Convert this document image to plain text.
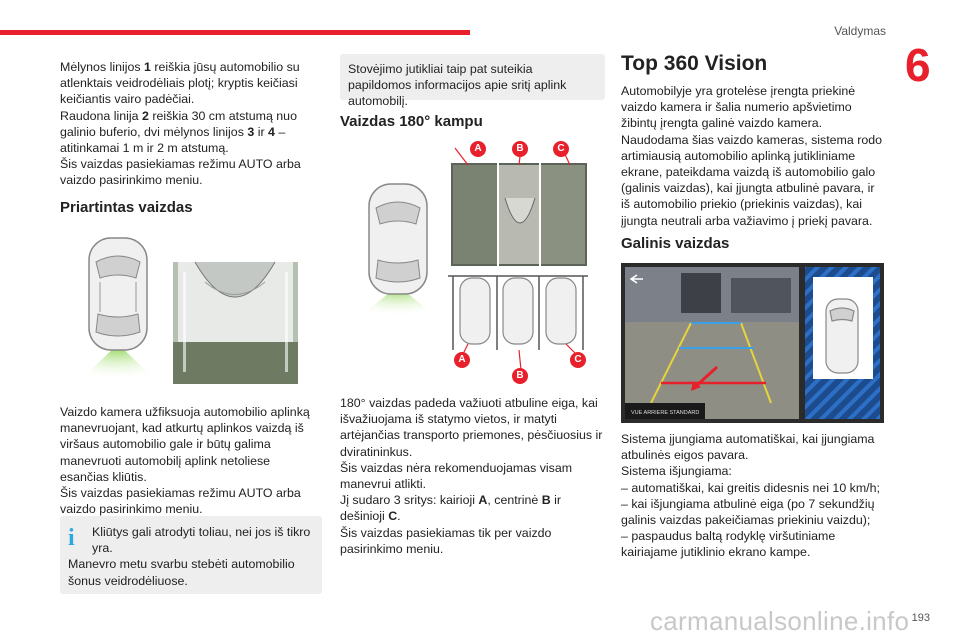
Valdymas
6

Mėlynos linijos 1 reiškia jūsų automobilio su atlenktais veidrodėliais plotį; kryptis keičiasi keičiantis vairo padėčiai.
Raudona linija 2 reiškia 30 cm atstumą nuo galinio buferio, dvi mėlynos linijos 3 ir 4 – atitinkamai 1 m ir 2 m atstumą.
Šis vaizdas pasiekiamas režimu AUTO arba vaizdo pasirinkimo meniu.

Priartintas vaizdas

Vaizdo kamera užfiksuoja automobilio aplinką manevruojant, kad atkurtų aplinkos vaizdą iš viršaus automobilio gale ir būtų galima manevruoti automobilį aplink netoliese esančias kliūtis.

Šis vaizdas pasiekiamas režimu AUTO arba vaizdo pasirinkimo meniu.

i	Kliūtys gali atrodyti toliau, nei jos iš tikro yra.
Manevro metu svarbu stebėti automobilio šonus veidrodėliuose.
Stovėjimo jutikliai taip pat suteikia papildomos informacijos apie sritį aplink automobilį.
Vaizdas 180° kampu
A	B	C
A
B
C

180° vaizdas padeda važiuoti atbuline eiga, kai išvažiuojama iš statymo vietos, ir matyti artėjančias transporto priemones, pėsčiuosius ir dviratininkus.

Šis vaizdas nėra rekomenduojamas visam manevrui atlikti.

Jį sudaro 3 sritys: kairioji A, centrinė B ir dešinioji C.

Šis vaizdas pasiekiamas tik per vaizdo pasirinkimo meniu.

Top 360 Vision

Automobilyje yra grotelėse įrengta priekinė vaizdo kamera ir šalia numerio apšvietimo žibintų įrengta galinė vaizdo kamera.
Naudodama šias vaizdo kameras, sistema rodo artimiausią automobilio aplinką jutikliniame ekrane, pateikdama vaizdą iš automobilio galo (galinis vaizdas), kai įjungta atbulinė pavara, ir iš automobilio priekio (priekinis vaizdas), kai įjungta neutrali arba važiavimo į priekį pavara.

Galinis vaizdas
VUE ARRIERE STANDARD

Sistema įjungiama automatiškai, kai įjungiama atbulinės eigos pavara.

Sistema išjungiama:

– automatiškai, kai greitis didesnis nei 10 km/h;

– kai išjungiama atbulinė eiga (po 7 sekundžių galinis vaizdas pakeičiamas priekiniu vaizdu);

– paspaudus baltą rodyklę viršutiniame kairiajame jutiklinio ekrano kampe.

carmanualsonline.info 193
